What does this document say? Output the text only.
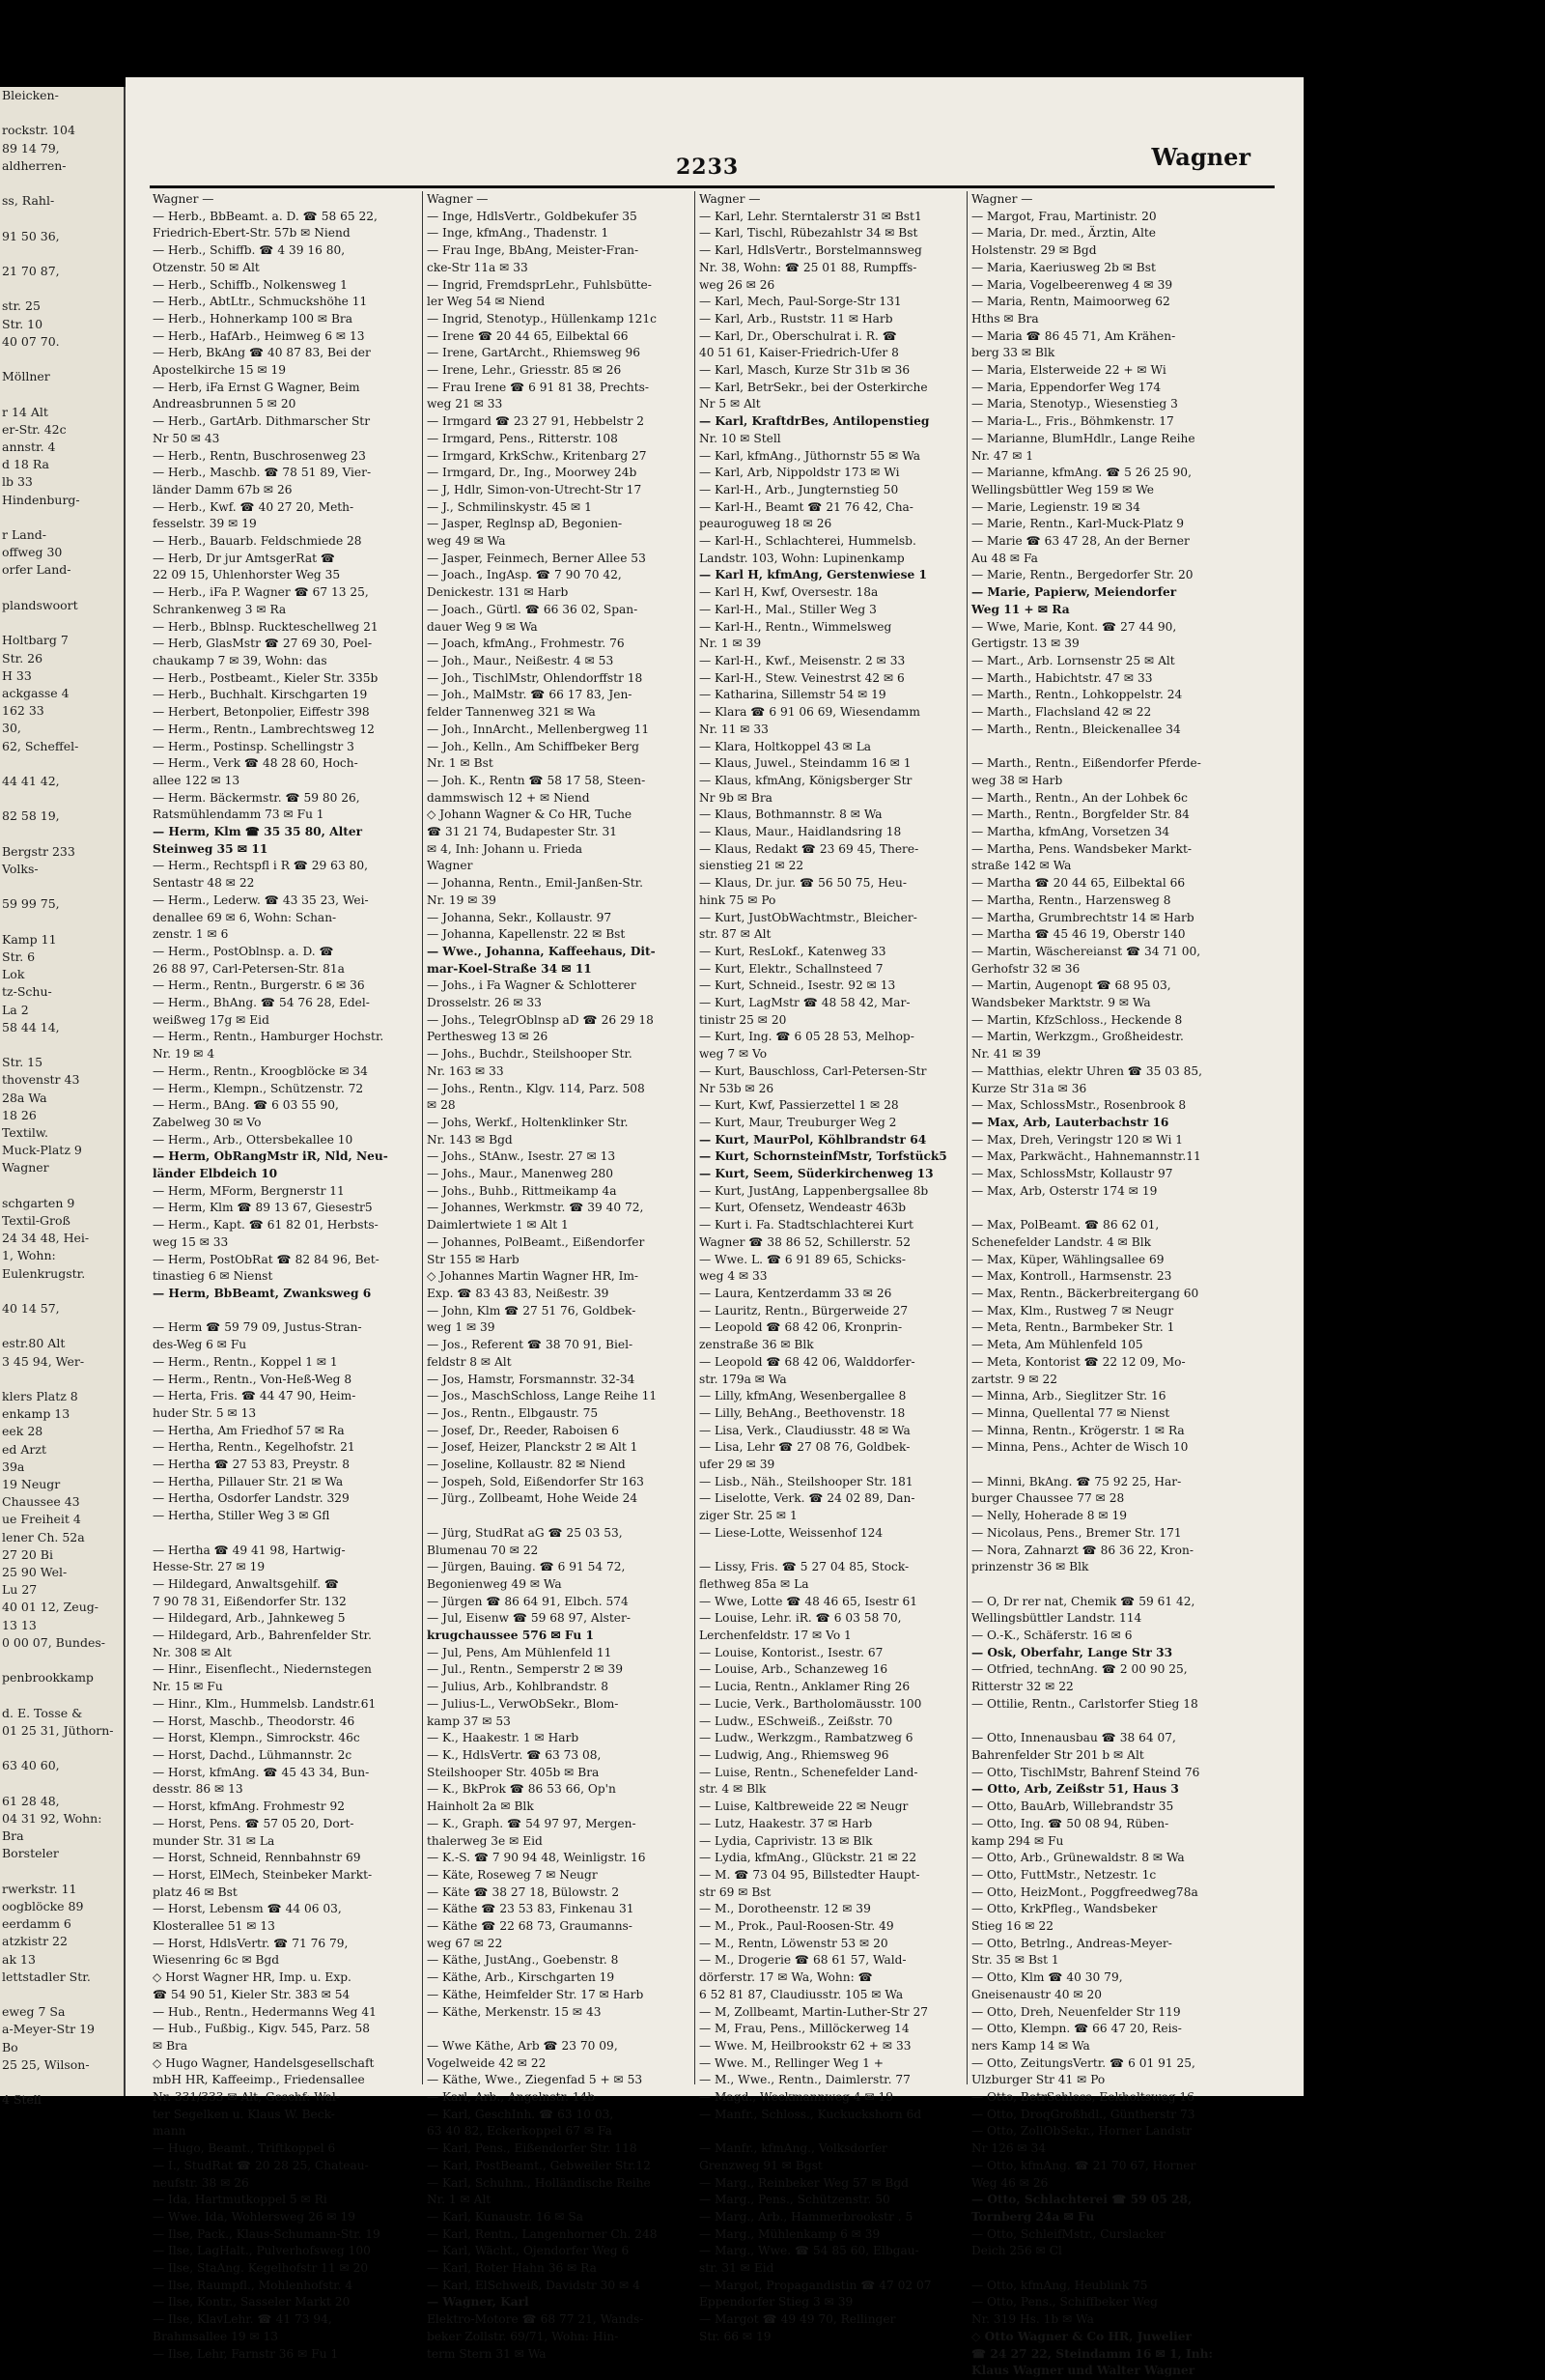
Bleicken-

rockstr. 104
89 14 79,
aldherren-

ss, Rahl-

91 50 36,

21 70 87,

str. 25
Str. 10
40 07 70.

Möllner

r 14 Alt
er-Str. 42c
annstr. 4
d 18 Ra
lb 33
Hindenburg-

r Land-
offweg 30
orfer Land-

plandswoort

Holtbarg 7
Str. 26
H 33
ackgasse 4
162 33
30,
62, Scheffel-

44 41 42,

82 58 19,

Bergstr 233
Volks-

59 99 75,

Kamp 11
Str. 6
Lok
tz-Schu-
La 2
58 44 14,

Str. 15
thovenstr 43
28a Wa
18 26
Textilw.
Muck-Platz 9
Wagner

schgarten 9
Textil-Groß
24 34 48, Hei-
1, Wohn:
Eulenkrugstr.

40 14 57,

estr.80 Alt
3 45 94, Wer-

klers Platz 8
enkamp 13
eek 28
ed Arzt
39a
19 Neugr
Chaussee 43
ue Freiheit 4
lener Ch. 52a
27 20 Bi
25 90 Wel-
Lu 27
40 01 12, Zeug-
13 13
0 00 07, Bundes-

penbrookkamp

d. E. Tosse &
01 25 31, Jüthorn-

63 40 60,

61 28 48,
04 31 92, Wohn:
Bra
Borsteler

rwerkstr. 11
oogblöcke 89
eerdamm 6
atzkistr 22
ak 13
lettstadler Str.

eweg 7 Sa
a-Meyer-Str 19
Bo
25 25, Wilson-

4 Stell
2233	Wagner
Wagner —
— Herb., BbBeamt. a. D. ☎ 58 65 22,
Friedrich-Ebert-Str. 57b ✉ Niend
— Herb., Schiffb. ☎ 4 39 16 80,
Otzenstr. 50 ✉ Alt
— Herb., Schiffb., Nolkensweg 1
— Herb., AbtLtr., Schmuckshöhe 11
— Herb., Hohnerkamp 100 ✉ Bra
— Herb., HafArb., Heimweg 6 ✉ 13
— Herb, BkAng ☎ 40 87 83, Bei der
Apostelkirche 15 ✉ 19
— Herb, iFa Ernst G Wagner, Beim
Andreasbrunnen 5 ✉ 20
— Herb., GartArb. Dithmarscher Str
Nr 50 ✉ 43
— Herb., Rentn, Buschrosenweg 23
— Herb., Maschb. ☎ 78 51 89, Vier-
länder Damm 67b ✉ 26
— Herb., Kwf. ☎ 40 27 20, Meth-
fesselstr. 39 ✉ 19
— Herb., Bauarb. Feldschmiede 28
— Herb, Dr jur AmtsgerRat ☎
22 09 15, Uhlenhorster Weg 35
— Herb., iFa P. Wagner ☎ 67 13 25,
Schrankenweg 3 ✉ Ra
— Herb., Bblnsp. Ruckteschellweg 21
— Herb, GlasMstr ☎ 27 69 30, Poel-
chaukamp 7 ✉ 39, Wohn: das
— Herb., Postbeamt., Kieler Str. 335b
— Herb., Buchhalt. Kirschgarten 19
— Herbert, Betonpolier, Eiffestr 398
— Herm., Rentn., Lambrechtsweg 12
— Herm., Postinsp. Schellingstr 3
— Herm., Verk ☎ 48 28 60, Hoch-
allee 122 ✉ 13
— Herm. Bäckermstr. ☎ 59 80 26,
Ratsmühlendamm 73 ✉ Fu 1
— Herm, Klm ☎ 35 35 80, Alter
Steinweg 35 ✉ 11
— Herm., Rechtspfl i R ☎ 29 63 80,
Sentastr 48 ✉ 22
— Herm., Lederw. ☎ 43 35 23, Wei-
denallee 69 ✉ 6, Wohn: Schan-
zenstr. 1 ✉ 6
— Herm., PostOblnsp. a. D. ☎
26 88 97, Carl-Petersen-Str. 81a
— Herm., Rentn., Burgerstr. 6 ✉ 36
— Herm., BhAng. ☎ 54 76 28, Edel-
weißweg 17g ✉ Eid
— Herm., Rentn., Hamburger Hochstr.
Nr. 19 ✉ 4
— Herm., Rentn., Kroogblöcke ✉ 34
— Herm., Klempn., Schützenstr. 72
— Herm., BAng. ☎ 6 03 55 90,
Zabelweg 30 ✉ Vo
— Herm., Arb., Ottersbekallee 10
— Herm, ObRangMstr iR, Nld, Neu-
länder Elbdeich 10
— Herm, MForm, Bergnerstr 11
— Herm, Klm ☎ 89 13 67, Giesestr5
— Herm., Kapt. ☎ 61 82 01, Herbsts-
weg 15 ✉ 33
— Herm, PostObRat ☎ 82 84 96, Bet-
tinastieg 6 ✉ Nienst
— Herm, BbBeamt, Zwanksweg 6

— Herm ☎ 59 79 09, Justus-Stran-
des-Weg 6 ✉ Fu
— Herm., Rentn., Koppel 1 ✉ 1
— Herm., Rentn., Von-Heß-Weg 8
— Herta, Fris. ☎ 44 47 90, Heim-
huder Str. 5 ✉ 13
— Hertha, Am Friedhof 57 ✉ Ra
— Hertha, Rentn., Kegelhofstr. 21
— Hertha ☎ 27 53 83, Preystr. 8
— Hertha, Pillauer Str. 21 ✉ Wa
— Hertha, Osdorfer Landstr. 329
— Hertha, Stiller Weg 3 ✉ Gfl

— Hertha ☎ 49 41 98, Hartwig-
Hesse-Str. 27 ✉ 19
— Hildegard, Anwaltsgehilf. ☎
7 90 78 31, Eißendorfer Str. 132
— Hildegard, Arb., Jahnkeweg 5
— Hildegard, Arb., Bahrenfelder Str.
Nr. 308 ✉ Alt
— Hinr., Eisenflecht., Niedernstegen
Nr. 15 ✉ Fu
— Hinr., Klm., Hummelsb. Landstr.61
— Horst, Maschb., Theodorstr. 46
— Horst, Klempn., Simrockstr. 46c
— Horst, Dachd., Lühmannstr. 2c
— Horst, kfmAng. ☎ 45 43 34, Bun-
desstr. 86 ✉ 13
— Horst, kfmAng. Frohmestr 92
— Horst, Pens. ☎ 57 05 20, Dort-
munder Str. 31 ✉ La
— Horst, Schneid, Rennbahnstr 69
— Horst, ElMech, Steinbeker Markt-
platz 46 ✉ Bst
— Horst, Lebensm ☎ 44 06 03,
Klosterallee 51 ✉ 13
— Horst, HdlsVertr. ☎ 71 76 79,
Wiesenring 6c ✉ Bgd
◇ Horst Wagner HR, Imp. u. Exp.
☎ 54 90 51, Kieler Str. 383 ✉ 54
— Hub., Rentn., Hedermanns Weg 41
— Hub., Fußbig., Kigv. 545, Parz. 58
✉ Bra
◇ Hugo Wagner, Handelsgesellschaft
mbH HR, Kaffeeimp., Friedensallee
Nr. 331/333 ✉ Alt, Geschf: Wal-
ter Segelken u. Klaus W. Beck-
mann
— Hugo, Beamt., Triftkoppel 6
— I., StudRat ☎ 20 28 25, Chateau-
neufstr. 38 ✉ 26
— Ida, Hartmutkoppel 5 ✉ Ri
— Wwe. Ida, Wohlersweg 26 ✉ 19
— Ilse, Pack., Klaus-Schumann-Str. 19
— Ilse, LagHalt., Pulverhofsweg 100
— Ilse, StaAng. Kegelhofstr 11 ✉ 20
— Ilse, Raumpfl., Mohlenhofstr. 4
— Ilse, Kontr., Sasseler Markt 20
— Ilse, KlavLehr. ☎ 41 73 94,
Brahmsallee 19 ✉ 13
— Ilse, Lehr, Farnstr 36 ✉ Fu 1
Wagner —
— Inge, HdlsVertr., Goldbekufer 35
— Inge, kfmAng., Thadenstr. 1
— Frau Inge, BbAng, Meister-Fran-
cke-Str 11a ✉ 33
— Ingrid, FremdsprLehr., Fuhlsbütte-
ler Weg 54 ✉ Niend
— Ingrid, Stenotyp., Hüllenkamp 121c
— Irene ☎ 20 44 65, Eilbektal 66
— Irene, GartArcht., Rhiemsweg 96
— Irene, Lehr., Griesstr. 85 ✉ 26
— Frau Irene ☎ 6 91 81 38, Prechts-
weg 21 ✉ 33
— Irmgard ☎ 23 27 91, Hebbelstr 2
— Irmgard, Pens., Ritterstr. 108
— Irmgard, KrkSchw., Kritenbarg 27
— Irmgard, Dr., Ing., Moorwey 24b
— J, Hdlr, Simon-von-Utrecht-Str 17
— J., Schmilinskystr. 45 ✉ 1
— Jasper, Reglnsp aD, Begonien-
weg 49 ✉ Wa
— Jasper, Feinmech, Berner Allee 53
— Joach., IngAsp. ☎ 7 90 70 42,
Denickestr. 131 ✉ Harb
— Joach., Gürtl. ☎ 66 36 02, Span-
dauer Weg 9 ✉ Wa
— Joach, kfmAng., Frohmestr. 76
— Joh., Maur., Neißestr. 4 ✉ 53
— Joh., TischlMstr, Ohlendorffstr 18
— Joh., MalMstr. ☎ 66 17 83, Jen-
felder Tannenweg 321 ✉ Wa
— Joh., InnArcht., Mellenbergweg 11
— Joh., Kelln., Am Schiffbeker Berg
Nr. 1 ✉ Bst
— Joh. K., Rentn ☎ 58 17 58, Steen-
dammswisch 12 + ✉ Niend
◇ Johann Wagner & Co HR, Tuche
☎ 31 21 74, Budapester Str. 31
✉ 4, Inh: Johann u. Frieda
Wagner
— Johanna, Rentn., Emil-Janßen-Str.
Nr. 19 ✉ 39
— Johanna, Sekr., Kollaustr. 97
— Johanna, Kapellenstr. 22 ✉ Bst
— Wwe., Johanna, Kaffeehaus, Dit-
mar-Koel-Straße 34 ✉ 11
— Johs., i Fa Wagner & Schlotterer
Drosselstr. 26 ✉ 33
— Johs., TelegrOblnsp aD ☎ 26 29 18
Perthesweg 13 ✉ 26
— Johs., Buchdr., Steilshooper Str.
Nr. 163 ✉ 33
— Johs., Rentn., Klgv. 114, Parz. 508
✉ 28
— Johs, Werkf., Holtenklinker Str.
Nr. 143 ✉ Bgd
— Johs., StAnw., Isestr. 27 ✉ 13
— Johs., Maur., Manenweg 280
— Johs., Buhb., Rittmeikamp 4a
— Johannes, Werkmstr. ☎ 39 40 72,
Daimlertwiete 1 ✉ Alt 1
— Johannes, PolBeamt., Eißendorfer
Str 155 ✉ Harb
◇ Johannes Martin Wagner HR, Im-
Exp. ☎ 83 43 83, Neißestr. 39
— John, Klm ☎ 27 51 76, Goldbek-
weg 1 ✉ 39
— Jos., Referent ☎ 38 70 91, Biel-
feldstr 8 ✉ Alt
— Jos, Hamstr, Forsmannstr. 32-34
— Jos., MaschSchloss, Lange Reihe 11
— Jos., Rentn., Elbgaustr. 75
— Josef, Dr., Reeder, Raboisen 6
— Josef, Heizer, Planckstr 2 ✉ Alt 1
— Joseline, Kollaustr. 82 ✉ Niend
— Jospeh, Sold, Eißendorfer Str 163
— Jürg., Zollbeamt, Hohe Weide 24

— Jürg, StudRat aG ☎ 25 03 53,
Blumenau 70 ✉ 22
— Jürgen, Bauing. ☎ 6 91 54 72,
Begonienweg 49 ✉ Wa
— Jürgen ☎ 86 64 91, Elbch. 574
— Jul, Eisenw ☎ 59 68 97, Alster-
krugchaussee 576 ✉ Fu 1
— Jul, Pens, Am Mühlenfeld 11
— Jul., Rentn., Semperstr 2 ✉ 39
— Julius, Arb., Kohlbrandstr. 8
— Julius-L., VerwObSekr., Blom-
kamp 37 ✉ 53
— K., Haakestr. 1 ✉ Harb
— K., HdlsVertr. ☎ 63 73 08,
Steilshooper Str. 405b ✉ Bra
— K., BkProk ☎ 86 53 66, Op'n
Hainholt 2a ✉ Blk
— K., Graph. ☎ 54 97 97, Mergen-
thalerweg 3e ✉ Eid
— K.-S. ☎ 7 90 94 48, Weinligstr. 16
— Käte, Roseweg 7 ✉ Neugr
— Käte ☎ 38 27 18, Bülowstr. 2
— Käthe ☎ 23 53 83, Finkenau 31
— Käthe ☎ 22 68 73, Graumanns-
weg 67 ✉ 22
— Käthe, JustAng., Goebenstr. 8
— Käthe, Arb., Kirschgarten 19
— Käthe, Heimfelder Str. 17 ✉ Harb
— Käthe, Merkenstr. 15 ✉ 43

— Wwe Käthe, Arb ☎ 23 70 09,
Vogelweide 42 ✉ 22
— Käthe, Wwe., Ziegenfad 5 + ✉ 53
— Karl, Arb., Angelnstr. 14b
— Karl, GeschInh. ☎ 63 10 03,
63 40 82, Eckerkoppel 67 ✉ Fa
— Karl, Pens., Eißendorfer Str. 118
— Karl, PostBeamt., Gebweiler Str.12
— Karl, Schuhm., Holländische Reihe
Nr. 1 ✉ Alt
— Karl, Kunaustr. 16 ✉ Sa
— Karl, Rentn., Langenhorner Ch. 248
— Karl, Wächt., Ojendorfer Weg 6
— Karl, Roter Hahn 36 ✉ Ra
— Karl, ElSchweiß, Davidstr 30 ✉ 4
— Wagner, Karl
Elektro-Motore ☎ 68 77 21, Wands-
beker Zollstr. 69/71, Wohn: Hin-
term Stern 31 ✉ Wa
Wagner —
— Karl, Lehr. Sterntalerstr 31 ✉ Bst1
— Karl, Tischl, Rübezahlstr 34 ✉ Bst
— Karl, HdlsVertr., Borstelmannsweg
Nr. 38, Wohn: ☎ 25 01 88, Rumpffs-
weg 26 ✉ 26
— Karl, Mech, Paul-Sorge-Str 131
— Karl, Arb., Ruststr. 11 ✉ Harb
— Karl, Dr., Oberschulrat i. R. ☎
40 51 61, Kaiser-Friedrich-Ufer 8
— Karl, Masch, Kurze Str 31b ✉ 36
— Karl, BetrSekr., bei der Osterkirche
Nr 5 ✉ Alt
— Karl, KraftdrBes, Antilopenstieg
Nr. 10 ✉ Stell
— Karl, kfmAng., Jüthornstr 55 ✉ Wa
— Karl, Arb, Nippoldstr 173 ✉ Wi
— Karl-H., Arb., Jungternstieg 50
— Karl-H., Beamt ☎ 21 76 42, Cha-
peauroguweg 18 ✉ 26
— Karl-H., Schlachterei, Hummelsb.
Landstr. 103, Wohn: Lupinenkamp
— Karl H, kfmAng, Gerstenwiese 1
— Karl H, Kwf, Oversestr. 18a
— Karl-H., Mal., Stiller Weg 3
— Karl-H., Rentn., Wimmelsweg
Nr. 1 ✉ 39
— Karl-H., Kwf., Meisenstr. 2 ✉ 33
— Karl-H., Stew. Veinestrst 42 ✉ 6
— Katharina, Sillemstr 54 ✉ 19
— Klara ☎ 6 91 06 69, Wiesendamm
Nr. 11 ✉ 33
— Klara, Holtkoppel 43 ✉ La
— Klaus, Juwel., Steindamm 16 ✉ 1
— Klaus, kfmAng, Königsberger Str
Nr 9b ✉ Bra
— Klaus, Bothmannstr. 8 ✉ Wa
— Klaus, Maur., Haidlandsring 18
— Klaus, Redakt ☎ 23 69 45, There-
sienstieg 21 ✉ 22
— Klaus, Dr. jur. ☎ 56 50 75, Heu-
hink 75 ✉ Po
— Kurt, JustObWachtmstr., Bleicher-
str. 87 ✉ Alt
— Kurt, ResLokf., Katenweg 33
— Kurt, Elektr., Schallnsteed 7
— Kurt, Schneid., Isestr. 92 ✉ 13
— Kurt, LagMstr ☎ 48 58 42, Mar-
tinistr 25 ✉ 20
— Kurt, Ing. ☎ 6 05 28 53, Melhop-
weg 7 ✉ Vo
— Kurt, Bauschloss, Carl-Petersen-Str
Nr 53b ✉ 26
— Kurt, Kwf, Passierzettel 1 ✉ 28
— Kurt, Maur, Treuburger Weg 2
— Kurt, MaurPol, Köhlbrandstr 64
— Kurt, SchornsteinfMstr, Torfstück5
— Kurt, Seem, Süderkirchenweg 13
— Kurt, JustAng, Lappenbergsallee 8b
— Kurt, Ofensetz, Wendeastr 463b
— Kurt i. Fa. Stadtschlachterei Kurt
Wagner ☎ 38 86 52, Schillerstr. 52
— Wwe. L. ☎ 6 91 89 65, Schicks-
weg 4 ✉ 33
— Laura, Kentzerdamm 33 ✉ 26
— Lauritz, Rentn., Bürgerweide 27
— Leopold ☎ 68 42 06, Kronprin-
zenstraße 36 ✉ Blk
— Leopold ☎ 68 42 06, Walddorfer-
str. 179a ✉ Wa
— Lilly, kfmAng, Wesenbergallee 8
— Lilly, BehAng., Beethovenstr. 18
— Lisa, Verk., Claudiusstr. 48 ✉ Wa
— Lisa, Lehr ☎ 27 08 76, Goldbek-
ufer 29 ✉ 39
— Lisb., Näh., Steilshooper Str. 181
— Liselotte, Verk. ☎ 24 02 89, Dan-
ziger Str. 25 ✉ 1
— Liese-Lotte, Weissenhof 124

— Lissy, Fris. ☎ 5 27 04 85, Stock-
flethweg 85a ✉ La
— Wwe, Lotte ☎ 48 46 65, Isestr 61
— Louise, Lehr. iR. ☎ 6 03 58 70,
Lerchenfeldstr. 17 ✉ Vo 1
— Louise, Kontorist., Isestr. 67
— Louise, Arb., Schanzeweg 16
— Lucia, Rentn., Anklamer Ring 26
— Lucie, Verk., Bartholomäusstr. 100
— Ludw., ESchweiß., Zeißstr. 70
— Ludw., Werkzgm., Rambatzweg 6
— Ludwig, Ang., Rhiemsweg 96
— Luise, Rentn., Schenefelder Land-
str. 4 ✉ Blk
— Luise, Kaltbreweide 22 ✉ Neugr
— Lutz, Haakestr. 37 ✉ Harb
— Lydia, Caprivistr. 13 ✉ Blk
— Lydia, kfmAng., Glückstr. 21 ✉ 22
— M. ☎ 73 04 95, Billstedter Haupt-
str 69 ✉ Bst
— M., Dorotheenstr. 12 ✉ 39
— M., Prok., Paul-Roosen-Str. 49
— M., Rentn, Löwenstr 53 ✉ 20
— M., Drogerie ☎ 68 61 57, Wald-
dörferstr. 17 ✉ Wa, Wohn: ☎
6 52 81 87, Claudiusstr. 105 ✉ Wa
— M, Zollbeamt, Martin-Luther-Str 27
— M, Frau, Pens., Millöckerweg 14
— Wwe. M, Heilbrookstr 62 + ✉ 33
— Wwe. M., Rellinger Weg 1 +
— M., Wwe., Rentn., Daimlerstr. 77
— Magd., Weckmannweg 4 ✉ 19
— Manfr., Schloss., Kuckuckshorn 6d

— Manfr., kfmAng., Volksdorfer
Grenzweg 91 ✉ Bgst
— Marg., Reinbeker Weg 57 ✉ Bgd
— Marg., Pens., Schützenstr. 50
— Marg., Arb., Hammerbrookstr . 5
— Marg., Mühlenkamp 6 ✉ 39
— Marg., Wwe. ☎ 54 85 60, Elbgau-
str. 31 ✉ Eid
— Margot, Propagandistin ☎ 47 02 07
Eppendorfer Stieg 3 ✉ 39
— Margot ☎ 49 49 70, Rellinger
Str. 66 ✉ 19
Wagner —
— Margot, Frau, Martinistr. 20
— Maria, Dr. med., Ärztin, Alte
Holstenstr. 29 ✉ Bgd
— Maria, Kaeriusweg 2b ✉ Bst
— Maria, Vogelbeerenweg 4 ✉ 39
— Maria, Rentn, Maimoorweg 62
Hths ✉ Bra
— Maria ☎ 86 45 71, Am Krähen-
berg 33 ✉ Blk
— Maria, Elsterweide 22 + ✉ Wi
— Maria, Eppendorfer Weg 174
— Maria, Stenotyp., Wiesenstieg 3
— Maria-L., Fris., Böhmkenstr. 17
— Marianne, BlumHdlr., Lange Reihe
Nr. 47 ✉ 1
— Marianne, kfmAng. ☎ 5 26 25 90,
Wellingsbüttler Weg 159 ✉ We
— Marie, Legienstr. 19 ✉ 34
— Marie, Rentn., Karl-Muck-Platz 9
— Marie ☎ 63 47 28, An der Berner
Au 48 ✉ Fa
— Marie, Rentn., Bergedorfer Str. 20
— Marie, Papierw, Meiendorfer
Weg 11 + ✉ Ra
— Wwe, Marie, Kont. ☎ 27 44 90,
Gertigstr. 13 ✉ 39
— Mart., Arb. Lornsenstr 25 ✉ Alt
— Marth., Habichtstr. 47 ✉ 33
— Marth., Rentn., Lohkoppelstr. 24
— Marth., Flachsland 42 ✉ 22
— Marth., Rentn., Bleickenallee 34

— Marth., Rentn., Eißendorfer Pferde-
weg 38 ✉ Harb
— Marth., Rentn., An der Lohbek 6c
— Marth., Rentn., Borgfelder Str. 84
— Martha, kfmAng, Vorsetzen 34
— Martha, Pens. Wandsbeker Markt-
straße 142 ✉ Wa
— Martha ☎ 20 44 65, Eilbektal 66
— Martha, Rentn., Harzensweg 8
— Martha, Grumbrechtstr 14 ✉ Harb
— Martha ☎ 45 46 19, Oberstr 140
— Martin, Wäschereianst ☎ 34 71 00,
Gerhofstr 32 ✉ 36
— Martin, Augenopt ☎ 68 95 03,
Wandsbeker Marktstr. 9 ✉ Wa
— Martin, KfzSchloss., Heckende 8
— Martin, Werkzgm., Großheidestr.
Nr. 41 ✉ 39
— Matthias, elektr Uhren ☎ 35 03 85,
Kurze Str 31a ✉ 36
— Max, SchlossMstr., Rosenbrook 8
— Max, Arb, Lauterbachstr 16
— Max, Dreh, Veringstr 120 ✉ Wi 1
— Max, Parkwächt., Hahnemannstr.11
— Max, SchlossMstr, Kollaustr 97
— Max, Arb, Osterstr 174 ✉ 19

— Max, PolBeamt. ☎ 86 62 01,
Schenefelder Landstr. 4 ✉ Blk
— Max, Küper, Wählingsallee 69
— Max, Kontroll., Harmsenstr. 23
— Max, Rentn., Bäckerbreitergang 60
— Max, Klm., Rustweg 7 ✉ Neugr
— Meta, Rentn., Barmbeker Str. 1
— Meta, Am Mühlenfeld 105
— Meta, Kontorist ☎ 22 12 09, Mo-
zartstr. 9 ✉ 22
— Minna, Arb., Sieglitzer Str. 16
— Minna, Quellental 77 ✉ Nienst
— Minna, Rentn., Krögerstr. 1 ✉ Ra
— Minna, Pens., Achter de Wisch 10

— Minni, BkAng. ☎ 75 92 25, Har-
burger Chaussee 77 ✉ 28
— Nelly, Hoherade 8 ✉ 19
— Nicolaus, Pens., Bremer Str. 171
— Nora, Zahnarzt ☎ 86 36 22, Kron-
prinzenstr 36 ✉ Blk

— O, Dr rer nat, Chemik ☎ 59 61 42,
Wellingsbüttler Landstr. 114
— O.-K., Schäferstr. 16 ✉ 6
— Osk, Oberfahr, Lange Str 33
— Otfried, technAng. ☎ 2 00 90 25,
Ritterstr 32 ✉ 22
— Ottilie, Rentn., Carlstorfer Stieg 18

— Otto, Innenausbau ☎ 38 64 07,
Bahrenfelder Str 201 b ✉ Alt
— Otto, TischlMstr, Bahrenf Steind 76
— Otto, Arb, Zeißstr 51, Haus 3
— Otto, BauArb, Willebrandstr 35
— Otto, Ing. ☎ 50 08 94, Rüben-
kamp 294 ✉ Fu
— Otto, Arb., Grünewaldstr. 8 ✉ Wa
— Otto, FuttMstr., Netzestr. 1c
— Otto, HeizMont., Poggfreedweg78a
— Otto, KrkPfleg., Wandsbeker
Stieg 16 ✉ 22
— Otto, Betrlng., Andreas-Meyer-
Str. 35 ✉ Bst 1
— Otto, Klm ☎ 40 30 79,
Gneisenaustr 40 ✉ 20
— Otto, Dreh, Neuenfelder Str 119
— Otto, Klempn. ☎ 66 47 20, Reis-
ners Kamp 14 ✉ Wa
— Otto, ZeitungsVertr. ☎ 6 01 91 25,
Ulzburger Str 41 ✉ Po
— Otto, BetrSchloss, Eekholtsweg 16
— Otto, DroqGroßhdl., Güntherstr 73
— Otto, ZollObSekr., Horner Landstr
Nr 126 ✉ 34
— Otto, kfmAng. ☎ 21 70 67, Horner
Weg 46 ✉ 26
— Otto, Schlachterei ☎ 59 05 28,
Tornberg 24a ✉ Fu
— Otto, SchleifMstr., Curslacker
Deich 256 ✉ Cl

— Otto, kfmAng, Heublink 75
— Otto, Pens., Schiffbeker Weg
Nr. 319 Hs. 1b ✉ Wa
◇ Otto Wagner & Co HR, Juwelier
☎ 24 27 22, Steindamm 16 ✉ 1, Inh:
Klaus Wagner und Walter Wagner
